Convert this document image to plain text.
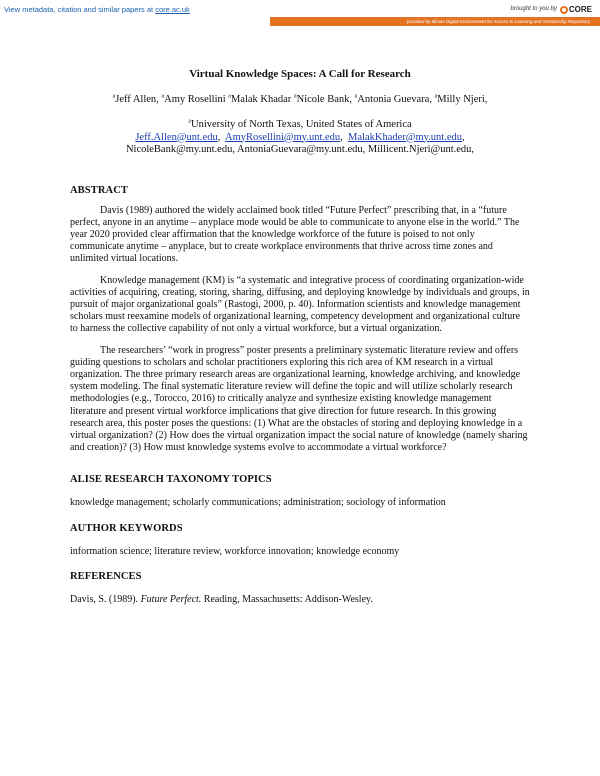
View metadata, citation and similar papers at core.ac.uk	brought to you by CORE
provided by Illinois Digital Environment for Access to Learning and Scholarship Repository

Virtual Knowledge Spaces: A Call for Research

$^a$Jeff Allen, $^a$Amy Rosellini $^a$Malak Khadar $^a$Nicole Bank, $^a$Antonia Guevara, $^a$Milly Njeri,
$^a$University of North Texas, United States of America
Jeff.Allen@unt.edu,  AmyRosellini@my.unt.edu,  MalakKhader@my.unt.edu,
NicoleBank@my.unt.edu, AntoniaGuevara@my.unt.edu, Millicent.Njeri@unt.edu,
ABSTRACT

Davis (1989) authored the widely acclaimed book titled “Future Perfect” prescribing that, in a “future perfect, anyone in an anytime – anyplace mode would be able to communicate to anyone else in the world.” The year 2020 provided clear affirmation that the knowledge workforce of the future is poised to not only communicate anytime – anyplace, but to create workplace environments that thrive across time zones and unlimited virtual locations.

Knowledge management (KM) is “a systematic and integrative process of coordinating organization-wide activities of acquiring, creating, storing, sharing, diffusing, and deploying knowledge by individuals and groups, in pursuit of major organizational goals” (Rastogi, 2000, p. 40). Information scientists and knowledge management scholars must reexamine models of organizational learning, competency development and organizational culture to harness the collective capability of not only a virtual workforce, but a virtual organization.

The researchers’ “work in progress” poster presents a preliminary systematic literature review and offers guiding questions to scholars and scholar practitioners exploring this rich area of KM research in a virtual organization. The three primary research areas are organizational learning, knowledge archiving, and knowledge system modeling. The final systematic literature review will define the topic and will utilize scholarly research methodologies (e.g., Torocco, 2016) to critically analyze and synthesize existing knowledge management literature and present virtual workforce implications that give direction for future research. In this growing research area, this poster poses the questions: (1) What are the obstacles of storing and deploying knowledge in a virtual organization? (2) How does the virtual organization impact the social nature of knowledge (namely sharing and creation)? (3) How must knowledge systems evolve to accommodate a virtual workforce?

ALISE RESEARCH TAXONOMY TOPICS

knowledge management; scholarly communications; administration; sociology of information

AUTHOR KEYWORDS

information science; literature review, workforce innovation; knowledge economy

REFERENCES

Davis, S. (1989). Future Perfect. Reading, Massachusetts: Addison-Wesley.
